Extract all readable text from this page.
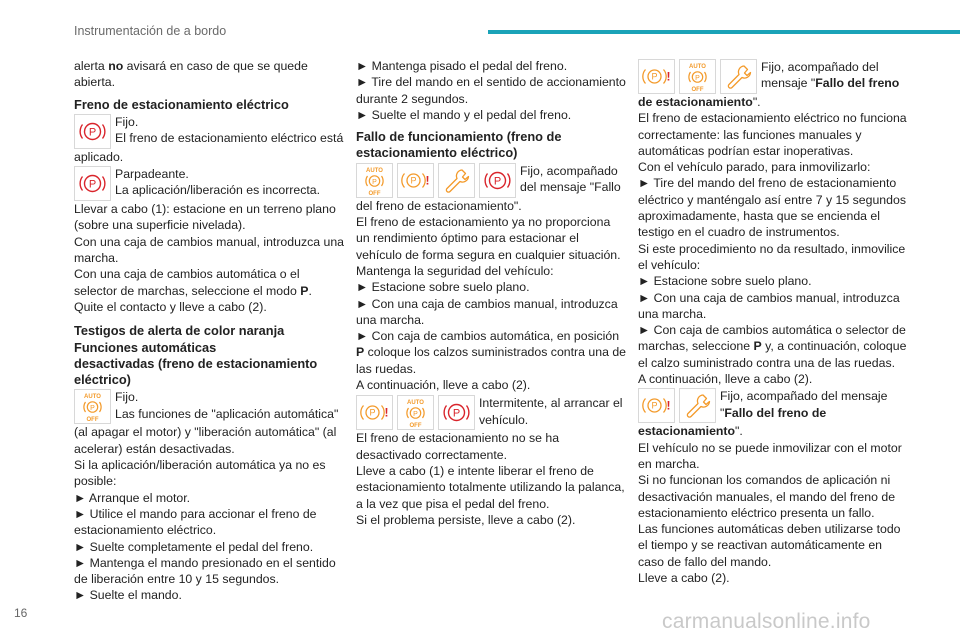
Instrumentación de a bordo

alerta no avisará en caso de que se quede abierta.

Freno de estacionamiento eléctrico

Fijo.
El freno de estacionamiento eléctrico está

aplicado.

Parpadeante.
La aplicación/liberación es incorrecta.

Llevar a cabo (1): estacione en un terreno plano (sobre una superficie nivelada).

Con una caja de cambios manual, introduzca una marcha.

Con una caja de cambios automática o el selector de marchas, seleccione el modo P.

Quite el contacto y lleve a cabo (2).

Testigos de alerta de color naranja

Funciones automáticas
desactivadas (freno de estacionamiento
eléctrico)

Fijo.
Las funciones de "aplicación automática"

(al apagar el motor) y "liberación automática" (al acelerar) están desactivadas.

Si la aplicación/liberación automática ya no es posible:

► Arranque el motor.

► Utilice el mando para accionar el freno de estacionamiento eléctrico.

► Suelte completamente el pedal del freno.

► Mantenga el mando presionado en el sentido de liberación entre 10 y 15 segundos.

► Suelte el mando.

► Mantenga pisado el pedal del freno.

► Tire del mando en el sentido de accionamiento durante 2 segundos.

► Suelte el mando y el pedal del freno.

Fallo de funcionamiento (freno de
estacionamiento eléctrico)

Fijo, acompañado
del mensaje "Fallo

del freno de estacionamiento".

El freno de estacionamiento ya no proporciona un rendimiento óptimo para estacionar el vehículo de forma segura en cualquier situación.

Mantenga la seguridad del vehículo:

► Estacione sobre suelo plano.

► Con una caja de cambios manual, introduzca una marcha.

► Con caja de cambios automática, en posición P coloque los calzos suministrados contra una de las ruedas.

A continuación, lleve a cabo (2).

Intermitente, al arrancar el
vehículo.

El freno de estacionamiento no se ha desactivado correctamente.

Lleve a cabo (1) e intente liberar el freno de estacionamiento totalmente utilizando la palanca, a la vez que pisa el pedal del freno.

Si el problema persiste, lleve a cabo (2).

Fijo, acompañado del
mensaje "Fallo del freno

de estacionamiento".

El freno de estacionamiento eléctrico no funciona correctamente: las funciones manuales y automáticas podrían estar inoperativas.

Con el vehículo parado, para inmovilizarlo:

► Tire del mando del freno de estacionamiento eléctrico y manténgalo así entre 7 y 15 segundos aproximadamente, hasta que se encienda el testigo en el cuadro de instrumentos.

Si este procedimiento no da resultado, inmovilice el vehículo:

► Estacione sobre suelo plano.

► Con una caja de cambios manual, introduzca una marcha.

► Con caja de cambios automática o selector de marchas, seleccione P y, a continuación, coloque el calzo suministrado contra una de las ruedas.

A continuación, lleve a cabo (2).

Fijo, acompañado del mensaje
"Fallo del freno de

estacionamiento".

El vehículo no se puede inmovilizar con el motor en marcha.

Si no funcionan los comandos de aplicación ni desactivación manuales, el mando del freno de estacionamiento eléctrico presenta un fallo.

Las funciones automáticas deben utilizarse todo el tiempo y se reactivan automáticamente en caso de fallo del mando.

Lleve a cabo (2).

16	carmanualsonline.info
